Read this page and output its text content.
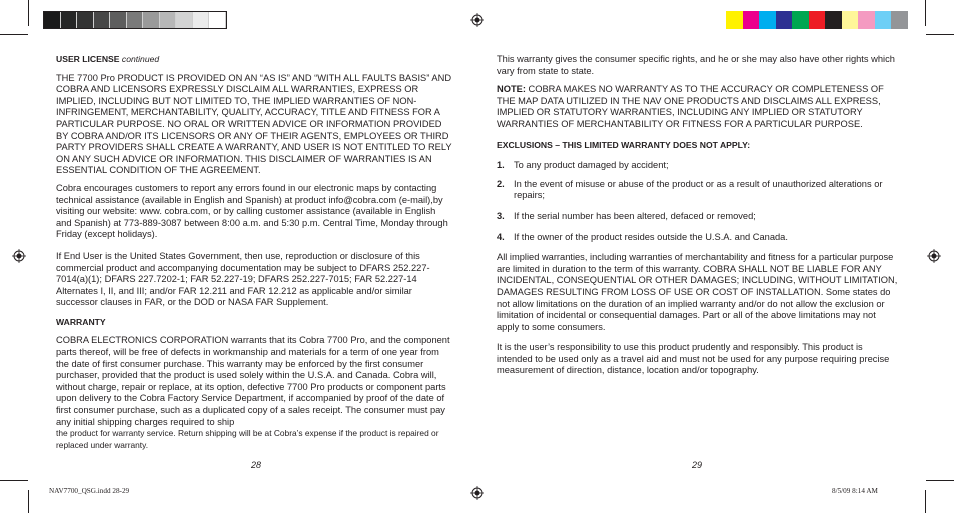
USER LICENSE continued

THE 7700 Pro PRODUCT IS PROVIDED ON AN “AS IS” AND “WITH ALL FAULTS BASIS” AND COBRA AND LICENSORS EXPRESSLY DISCLAIM ALL WARRANTIES, EXPRESS OR IMPLIED, INCLUDING BUT NOT LIMITED TO, THE IMPLIED WARRANTIES OF NON-INFRINGEMENT, MERCHANTABILITY, QUALITY, ACCURACY, TITLE AND FITNESS FOR A PARTICULAR PURPOSE. NO ORAL OR WRITTEN ADVICE OR INFORMATION PROVIDED BY COBRA AND/OR ITS LICENSORS OR ANY OF THEIR AGENTS, EMPLOYEES OR THIRD PARTY PROVIDERS SHALL CREATE A WARRANTY, AND USER IS NOT ENTITLED TO RELY ON ANY SUCH ADVICE OR INFORMATION. THIS DISCLAIMER OF WARRANTIES IS AN ESSENTIAL CONDITION OF THE AGREEMENT.

Cobra encourages customers to report any errors found in our electronic maps by contacting technical assistance (available in English and Spanish) at product info@cobra.com (e-mail),by visiting our website: www. cobra.com, or by calling customer assistance (available in English and Spanish) at 773-889-3087 between 8:00 a.m. and 5:30 p.m. Central Time, Monday through Friday (except holidays).

If End User is the United States Government, then use, reproduction or disclosure of this commercial product and accompanying documentation may be subject to DFARS 252.227-7014(a)(1); DFARS 227.7202-1; FAR 52.227-19; DFARS 252.227-7015; FAR 52.227-14 Alternates I, II, and III; and/or FAR 12.211 and FAR 12.212 as applicable and/or similar successor clauses in FAR, or the DOD or NASA FAR Supplement.

WARRANTY

COBRA ELECTRONICS CORPORATION warrants that its Cobra 7700 Pro, and the component parts thereof, will be free of defects in workmanship and materials for a term of one year from the date of first consumer purchase. This warranty may be enforced by the first consumer purchaser, provided that the product is used solely within the U.S.A. and Canada. Cobra will, without charge, repair or replace, at its option, defective 7700 Pro products or component parts upon delivery to the Cobra Factory Service Department, if accompanied by proof of the date of first consumer purchase, such as a duplicated copy of a sales receipt. The consumer must pay any initial shipping charges required to ship
the product for warranty service. Return shipping will be at Cobra’s expense if the product is repaired or replaced under warranty.

28

This warranty gives the consumer specific rights, and he or she may also have other rights which vary from state to state.

NOTE: COBRA MAKES NO WARRANTY AS TO THE ACCURACY OR COMPLETENESS OF THE MAP DATA UTILIZED IN THE NAV ONE PRODUCTS AND DISCLAIMS ALL EXPRESS, IMPLIED OR STATUTORY WARRANTIES, INCLUDING ANY IMPLIED OR STATUTORY WARRANTIES OF MERCHANTABILITY OR FITNESS FOR A PARTICULAR PURPOSE.

EXCLUSIONS – THIS LIMITED WARRANTY DOES NOT APPLY:

1. To any product damaged by accident;
2. In the event of misuse or abuse of the product or as a result of unauthorized alterations or repairs;
3. If the serial number has been altered, defaced or removed;
4. If the owner of the product resides outside the U.S.A. and Canada.

All implied warranties, including warranties of merchantability and fitness for a particular purpose are limited in duration to the term of this warranty. COBRA SHALL NOT BE LIABLE FOR ANY INCIDENTAL, CONSEQUENTIAL OR OTHER DAMAGES; INCLUDING, WITHOUT LIMITATION, DAMAGES RESULTING FROM LOSS OF USE OR COST OF INSTALLATION. Some states do not allow limitations on the duration of an implied warranty and/or do not allow the exclusion or limitation of incidental or consequential damages. Part or all of the above limitations may not apply to some consumers.

It is the user’s responsibility to use this product prudently and responsibly. This product is intended to be used only as a travel aid and must not be used for any purpose requiring precise measurement of direction, distance, location and/or topography.

29
NAV7700_QSG.indd 28-29	8/5/09 8:14 AM
